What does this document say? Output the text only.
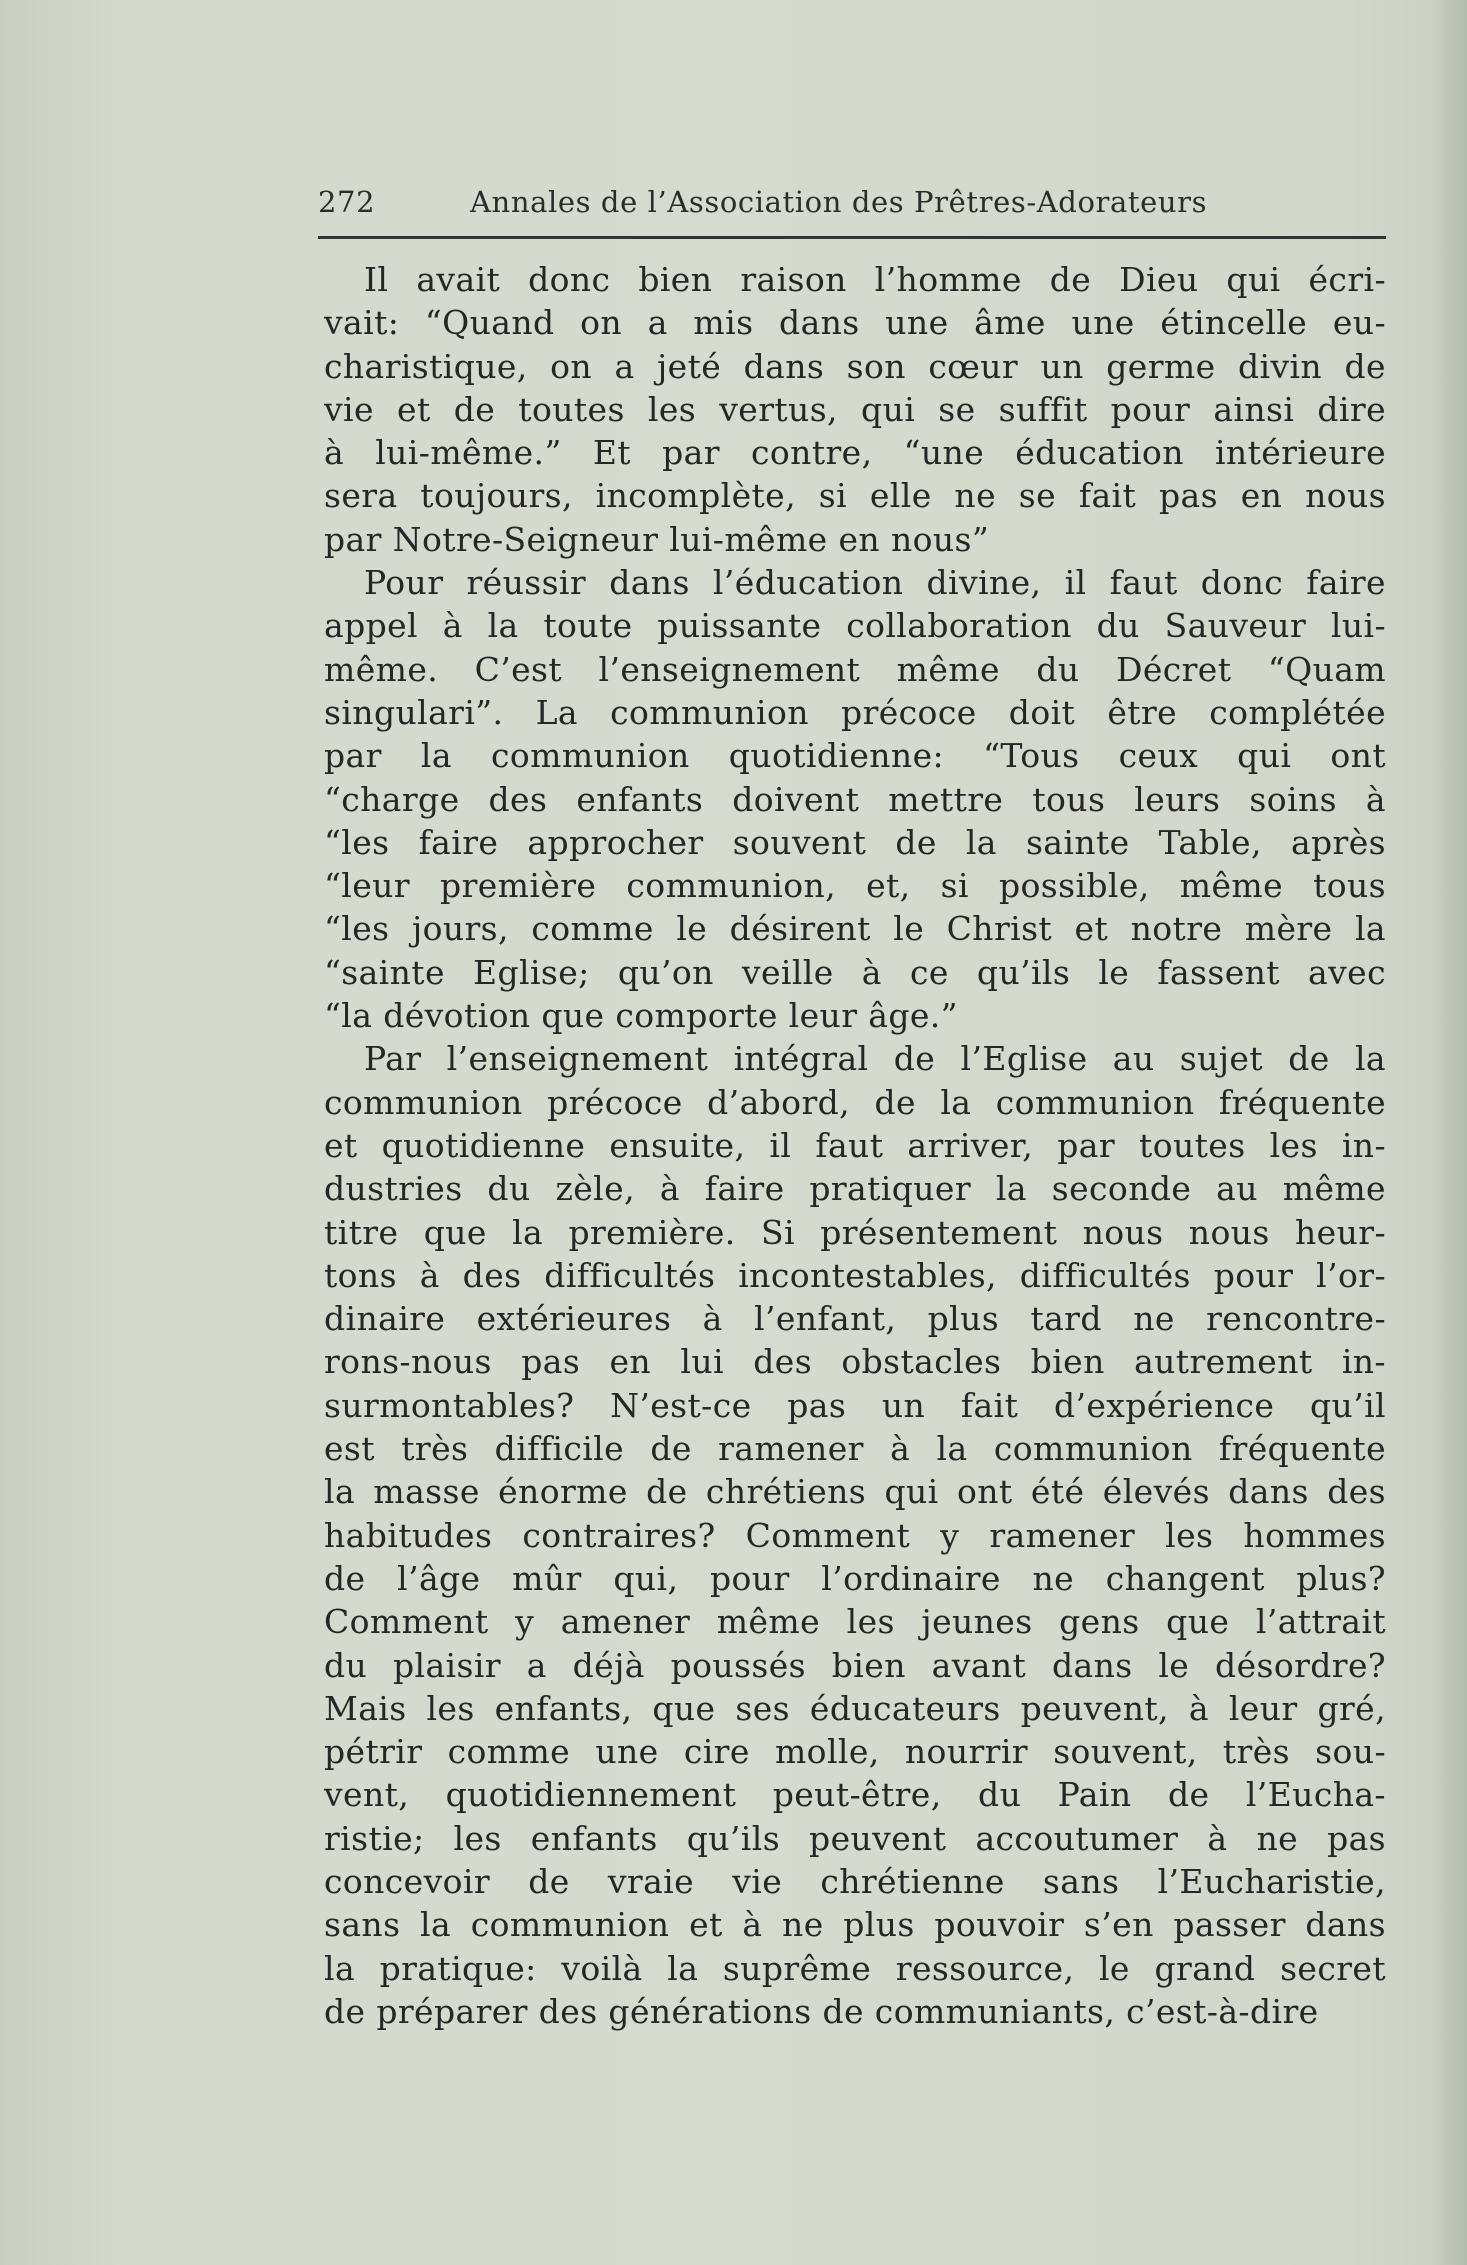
272	Annales de l’Association des Prêtres-Adorateurs
Il avait donc bien raison l’homme de Dieu qui écri-
vait: “Quand on a mis dans une âme une étincelle eu-
charistique, on a jeté dans son cœur un germe divin de
vie et de toutes les vertus, qui se suffit pour ainsi dire
à lui-même.” Et par contre, “une éducation intérieure
sera toujours, incomplète, si elle ne se fait pas en nous
par Notre-Seigneur lui-même en nous”
Pour réussir dans l’éducation divine, il faut donc faire
appel à la toute puissante collaboration du Sauveur lui-
même. C’est l’enseignement même du Décret “Quam
singulari”. La communion précoce doit être complétée
par la communion quotidienne: “Tous ceux qui ont
“charge des enfants doivent mettre tous leurs soins à
“les faire approcher souvent de la sainte Table, après
“leur première communion, et, si possible, même tous
“les jours, comme le désirent le Christ et notre mère la
“sainte Eglise; qu’on veille à ce qu’ils le fassent avec
“la dévotion que comporte leur âge.”
Par l’enseignement intégral de l’Eglise au sujet de la
communion précoce d’abord, de la communion fréquente
et quotidienne ensuite, il faut arriver, par toutes les in-
dustries du zèle, à faire pratiquer la seconde au même
titre que la première. Si présentement nous nous heur-
tons à des difficultés incontestables, difficultés pour l’or-
dinaire extérieures à l’enfant, plus tard ne rencontre-
rons-nous pas en lui des obstacles bien autrement in-
surmontables? N’est-ce pas un fait d’expérience qu’il
est très difficile de ramener à la communion fréquente
la masse énorme de chrétiens qui ont été élevés dans des
habitudes contraires? Comment y ramener les hommes
de l’âge mûr qui, pour l’ordinaire ne changent plus?
Comment y amener même les jeunes gens que l’attrait
du plaisir a déjà poussés bien avant dans le désordre?
Mais les enfants, que ses éducateurs peuvent, à leur gré,
pétrir comme une cire molle, nourrir souvent, très sou-
vent, quotidiennement peut-être, du Pain de l’Eucha-
ristie; les enfants qu’ils peuvent accoutumer à ne pas
concevoir de vraie vie chrétienne sans l’Eucharistie,
sans la communion et à ne plus pouvoir s’en passer dans
la pratique: voilà la suprême ressource, le grand secret
de préparer des générations de communiants, c’est-à-dire
